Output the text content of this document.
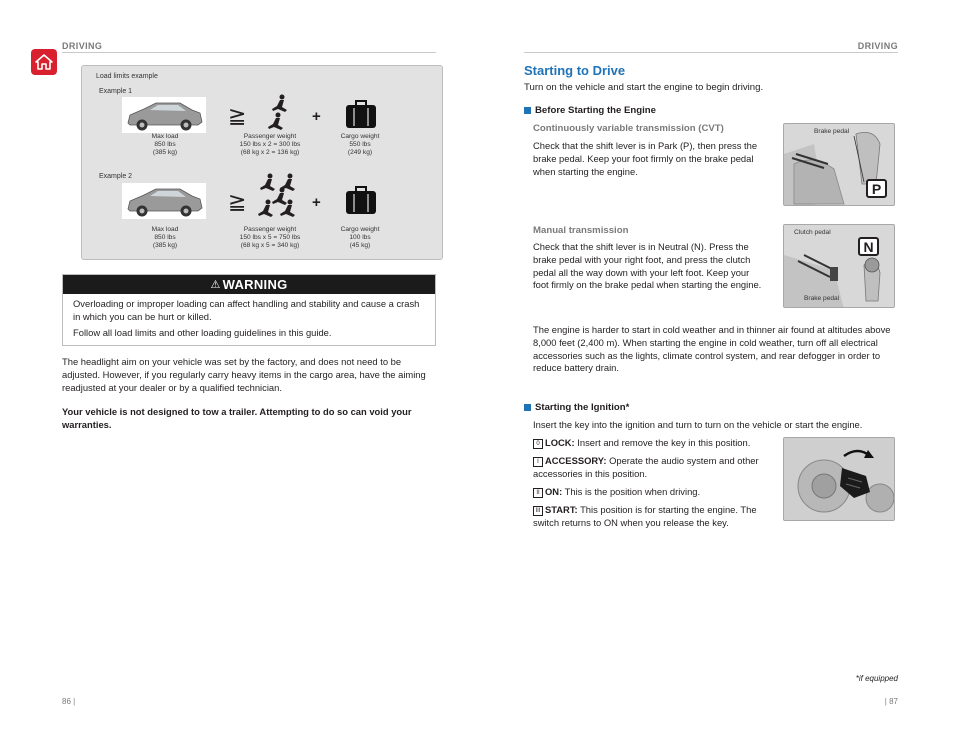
DRIVING	DRIVING
Load limits example
Example 1
≧	+
Max load
850 lbs
(385 kg)
Passenger weight
150 lbs x 2 = 300 lbs
(68 kg x 2 = 136 kg)
Cargo weight
550 lbs
(249 kg)
Example 2
≧	+
Max load
850 lbs
(385 kg)
Passenger weight
150 lbs x 5 = 750 lbs
(68 kg x 5 = 340 kg)
Cargo weight
100 lbs
(45 kg)
⚠ WARNING

Overloading or improper loading can affect handling and stability and cause a crash in which you can be hurt or killed.

Follow all load limits and other loading guidelines in this guide.

The headlight aim on your vehicle was set by the factory, and does not need to be adjusted. However, if you regularly carry heavy items in the cargo area, have the aiming readjusted at your dealer or by a qualified technician.
Your vehicle is not designed to tow a trailer. Attempting to do so can void your warranties.
Starting to Drive
Turn on the vehicle and start the engine to begin driving.
Before Starting the Engine
Continuously variable transmission (CVT)
Check that the shift lever is in Park (P), then press the brake pedal. Keep your foot firmly on the brake pedal when starting the engine.
Brake pedal
P
Manual transmission
Check that the shift lever is in Neutral (N). Press the brake pedal with your right foot, and press the clutch pedal all the way down with your left foot. Keep your foot firmly on the brake pedal when starting the engine.
Clutch pedal
Brake pedal
N
The engine is harder to start in cold weather and in thinner air found at altitudes above 8,000 feet (2,400 m). When starting the engine in cold weather, turn off all electrical accessories such as the lights, climate control system, and rear defogger in order to reduce battery drain.
Starting the Ignition*
Insert the key into the ignition and turn to turn on the vehicle or start the engine.
0 LOCK: Insert and remove the key in this position.
I ACCESSORY: Operate the audio system and other accessories in this position.
II ON: This is the position when driving.
III START: This position is for starting the engine. The switch returns to ON when you release the key.
*if equipped
86 |	| 87
